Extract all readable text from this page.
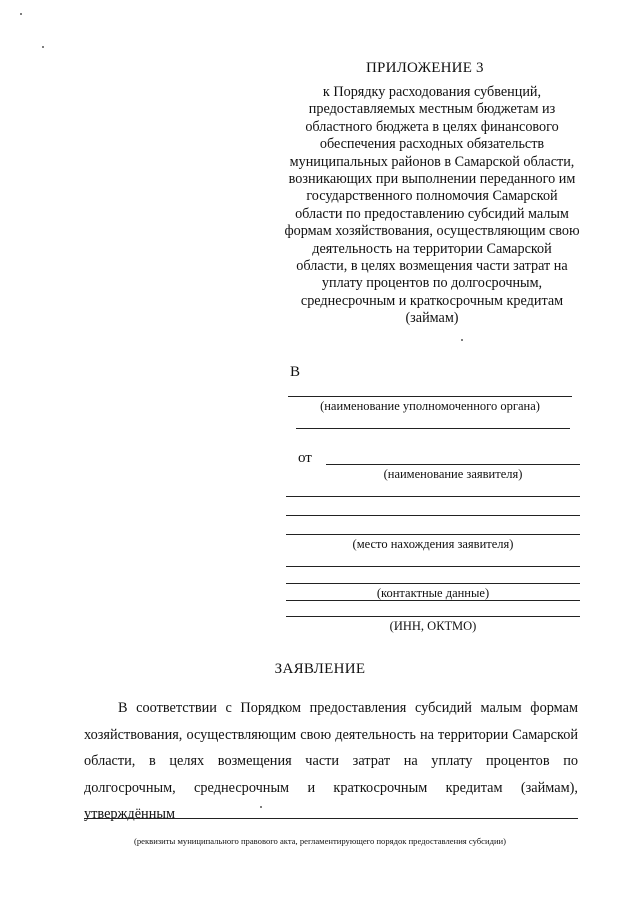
ПРИЛОЖЕНИЕ 3
к Порядку расходования субвенций,
предоставляемых местным бюджетам из
областного бюджета в целях финансового
обеспечения расходных обязательств
муниципальных районов в Самарской области,
возникающих при выполнении переданного им
государственного полномочия Самарской
области по предоставлению субсидий малым
формам хозяйствования, осуществляющим свою
деятельность на территории Самарской
области, в целях возмещения части затрат на
уплату процентов по долгосрочным,
среднесрочным и краткосрочным кредитам
(займам)
В
(наименование уполномоченного органа)
от
(наименование заявителя)
(место нахождения заявителя)
(контактные данные)
(ИНН, ОКТМО)
ЗАЯВЛЕНИЕ
В соответствии с Порядком предоставления субсидий малым формам хозяйствования, осуществляющим свою деятельность на территории Самарской области, в целях возмещения части затрат на уплату процентов по долгосрочным, среднесрочным и краткосрочным кредитам (займам), утверждённым
(реквизиты муниципального правового акта, регламентирующего порядок предоставления субсидии)
